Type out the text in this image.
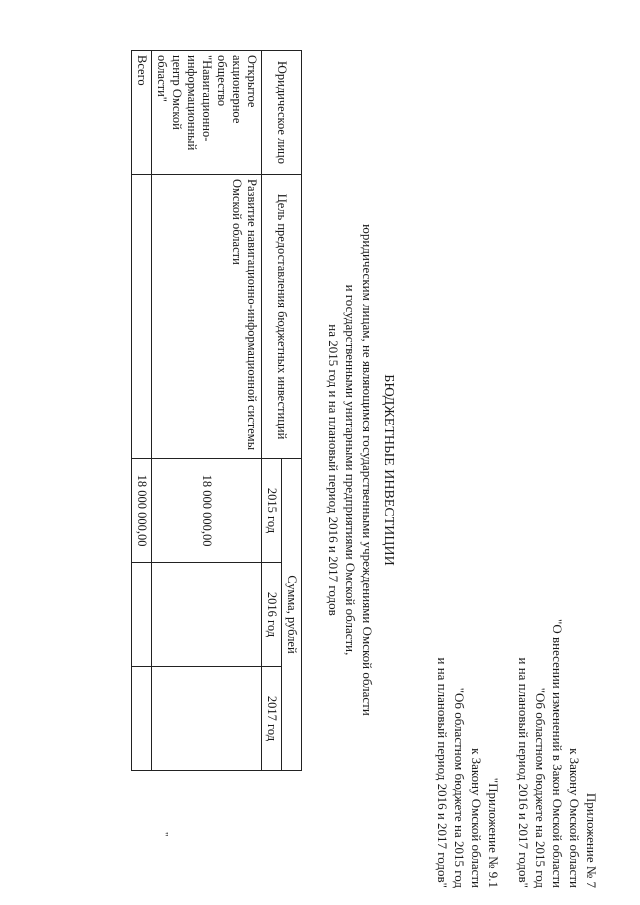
Приложение № 7
к Закону Омской области
"О внесении изменений в Закон Омской области
"Об областном бюджете на 2015 год
и на плановый период 2016 и 2017 годов"
"Приложение № 9.1
к Закону Омской области
"Об областном бюджете на 2015 год
и на плановый период 2016 и 2017 годов"
БЮДЖЕТНЫЕ ИНВЕСТИЦИИ
юридическим лицам, не являющимся государственными учреждениями Омской области
и государственными унитарными предприятиями Омской области,
на 2015 год и на плановый период 2016 и 2017 годов
Юридическое лицо	Цель предоставления бюджетных инвестиций	Сумма, рублей		
		2015 год	2016 год	2017 год
Открытое акционерное общество "Навигационно-информационный центр Омской области"	Развитие навигационно-информационной системы Омской области	18 000 000,00		
Всего		18 000 000,00		
"
